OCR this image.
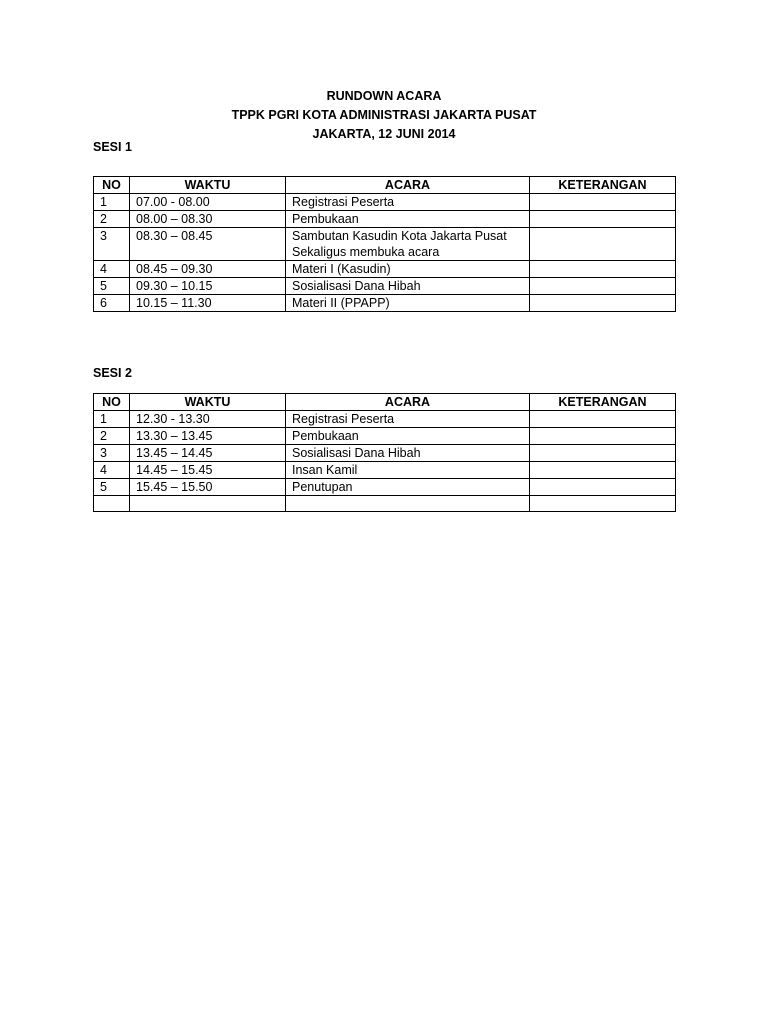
RUNDOWN ACARA
TPPK PGRI KOTA ADMINISTRASI JAKARTA PUSAT
JAKARTA, 12 JUNI 2014
SESI 1
NO	WAKTU	ACARA	KETERANGAN
1	07.00 - 08.00	Registrasi Peserta	
2	08.00 – 08.30	Pembukaan	
3	08.30 – 08.45	Sambutan Kasudin Kota Jakarta Pusat
Sekaligus membuka acara	
4	08.45 – 09.30	Materi I (Kasudin)	
5	09.30 – 10.15	Sosialisasi Dana Hibah	
6	10.15 – 11.30	Materi II (PPAPP)	
SESI 2
NO	WAKTU	ACARA	KETERANGAN
1	12.30 - 13.30	Registrasi Peserta	
2	13.30 – 13.45	Pembukaan	
3	13.45 – 14.45	Sosialisasi Dana Hibah	
4	14.45 – 15.45	Insan Kamil	
5	15.45 – 15.50	Penutupan	
